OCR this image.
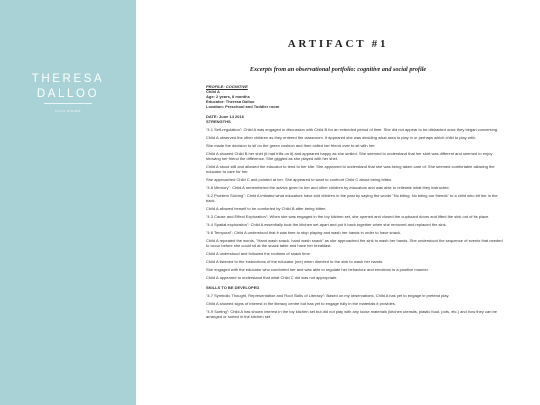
THERESA
DALLOO
CHILD MINDER
ARTIFACT #1
Excerpts from an observational portfolio: cognitive and social profile

PROFILE: COGNITIVE
Child A
Age: 2 years, 8 months
Educator: Theresa Dalloo
Location: Preschool and Toddler room

DATE: June 14 2016
STRENGTHS

"4.1 Self-regulation": Child A was engaged in discussion with Child B for an extended period of time. She did not appear to be distracted once they began conversing.

Child A observed the other children as they entered the classroom. It appeared she was deciding what area to play in or perhaps which child to play with.

She made the decision to sit on the green cushion and then called her friend over to sit with her.

Child A showed Child B her shirt (it had frills on it) and appeared happy as she smiled. She seemed to understand that her shirt was different and seemed to enjoy showing her friend the difference. She giggled as she played with her shirt.

Child A stood still and allowed the educator to tend to her kite. She appeared to understand that she was being taken care of. She seemed comfortable allowing the educator to care for her.

She approached Child C and pointed at her. She appeared to want to confront Child C about being bitten.

"4.8 Memory": Child A remembered the advice given to her and other children by educators and was able to reiterate what they instructed.

"4.2 Problem Solving": Child A imitated what educators have told children in the past by saying the words "No biting. No biting our friends" to a child who bit her in the back.

Child A allowed herself to be comforted by Child B after being bitten.

"4.3 Cause and Effect Exploration": When she was engaged in the toy kitchen set, she opened and closed the cupboard doors and lifted the sink out of its place.

"4.4 Spatial exploration": Child A essentially took the kitchen set apart and put it back together when she removed and replaced the sink.

"4.6 Temporal": Child A understood that it was time to stop playing and wash her hands in order to have snack.

Child A repeated the words, "Hand wash snack, hand wash snack" as she approached the sink to wash her hands. She understood the sequence of events that needed to occur before she could sit at the snack table and have her breakfast.

Child A understood and followed the routines of snack time.

Child A listened to the instructions of the educator (me) when directed to the sink to wash her hands.

She engaged with the educator who comforted her and was able to regulate her behaviour and emotions in a positive manner.

Child A appeared to understand that what Child C did was not appropriate.

SKILLS TO BE DEVELOPED

"4.7 Symbolic Thought, Representation and Root Skills of Literacy": Based on my observations, Child A has yet to engage in pretend play.

Child A showed signs of interest in the literacy centre but has yet to engage fully in the materials it provides.

"4.9 Sorting": Child A has shown interest in the toy kitchen set but did not play with any loose materials (kitchen utensils, plastic food, pots, etc.) and how they can be arranged or sorted in the kitchen set.
